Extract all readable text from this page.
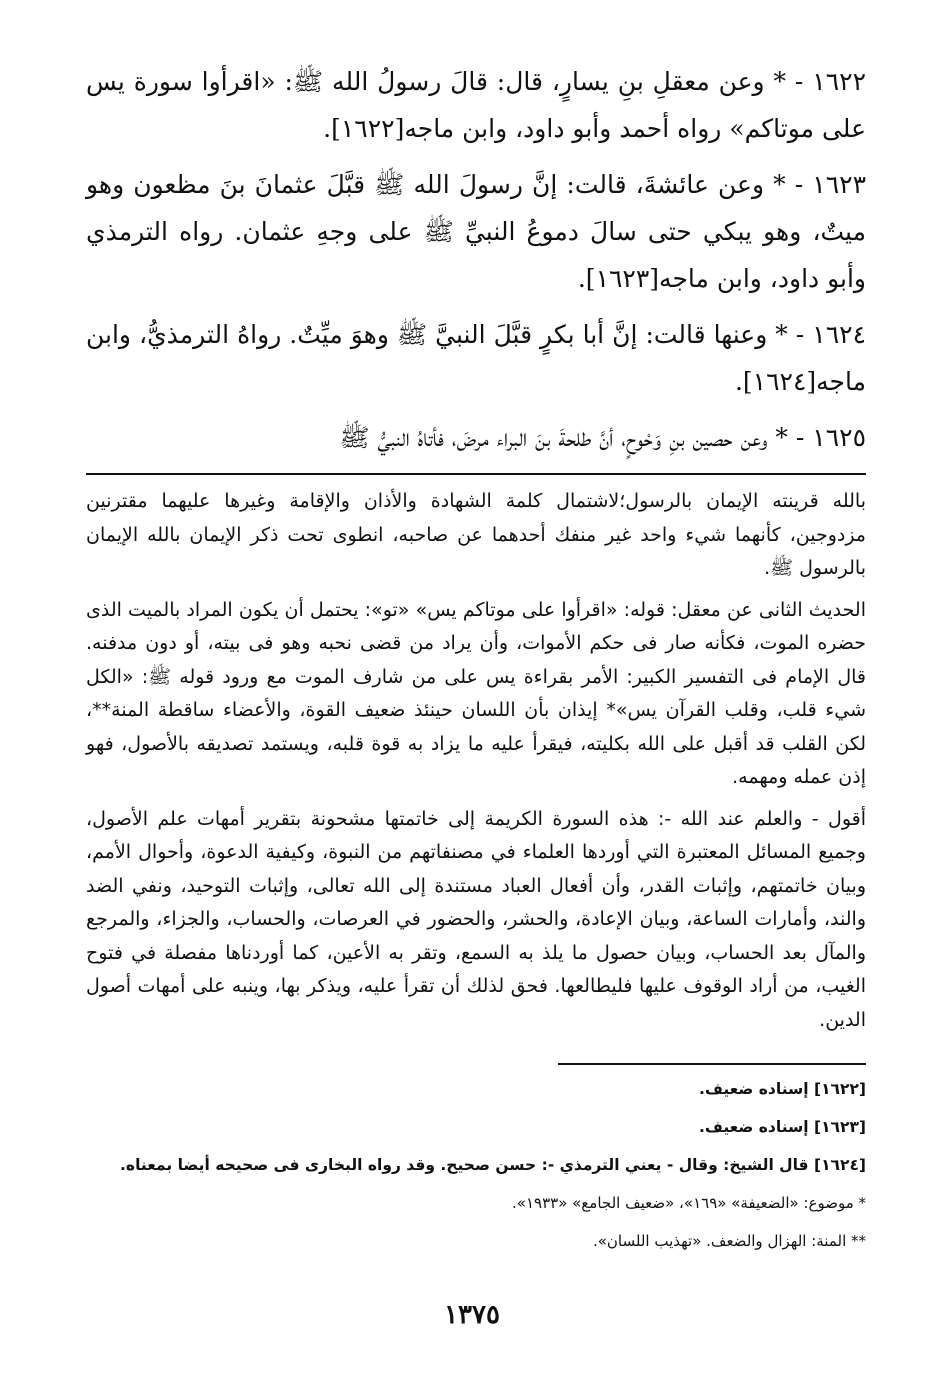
١٦٢٢ - * وعن معقلِ بنِ يسارٍ، قال: قالَ رسولُ الله ﷺ: «اقرأوا سورة يس على موتاكم» رواه أحمد وأبو داود، وابن ماجه[١٦٢٢].

١٦٢٣ - * وعن عائشةَ، قالت: إنَّ رسولَ الله ﷺ قبَّلَ عثمانَ بنَ مظعون وهو ميتٌ، وهو يبكي حتى سالَ دموعُ النبيِّ ﷺ على وجهِ عثمان. رواه الترمذي وأبو داود، وابن ماجه[١٦٢٣].

١٦٢٤ - * وعنها قالت: إنَّ أبا بكرٍ قبَّلَ النبيَّ ﷺ وهوَ ميِّتٌ. رواهُ الترمذيُّ، وابن ماجه[١٦٢٤].

١٦٢٥ - * وعن حصين بنِ وَحْوحٍ، أنَّ طلحةَ بنَ البراء مرضَ، فأتاهُ النبيُّ ﷺ

بالله قرينته الإيمان بالرسول؛لاشتمال كلمة الشهادة والأذان والإقامة وغيرها عليهما مقترنين مزدوجين، كأنهما شيء واحد غير منفك أحدهما عن صاحبه، انطوى تحت ذكر الإيمان بالله الإيمان بالرسول ﷺ.

الحديث الثانى عن معقل: قوله: «اقرأوا على موتاكم يس» «تو»: يحتمل أن يكون المراد بالميت الذى حضره الموت، فكأنه صار فى حكم الأموات، وأن يراد من قضى نحبه وهو فى بيته، أو دون مدفنه. قال الإمام فى التفسير الكبير: الأمر بقراءة يس على من شارف الموت مع ورود قوله ﷺ: «الكل شيء قلب، وقلب القرآن يس»* إيذان بأن اللسان حينئذ ضعيف القوة، والأعضاء ساقطة المنة**، لكن القلب قد أقبل على الله بكليته، فيقرأ عليه ما يزاد به قوة قلبه، ويستمد تصديقه بالأصول، فهو إذن عمله ومهمه.

أقول - والعلم عند الله -: هذه السورة الكريمة إلى خاتمتها مشحونة بتقرير أمهات علم الأصول، وجميع المسائل المعتبرة التي أوردها العلماء في مصنفاتهم من النبوة، وكيفية الدعوة، وأحوال الأمم، وبيان خاتمتهم، وإثبات القدر، وأن أفعال العباد مستندة إلى الله تعالى، وإثبات التوحيد، ونفي الضد والند، وأمارات الساعة، وبيان الإعادة، والحشر، والحضور في العرصات، والحساب، والجزاء، والمرجع والمآل بعد الحساب، وبيان حصول ما يلذ به السمع، وتقر به الأعين، كما أوردناها مفصلة في فتوح الغيب، من أراد الوقوف عليها فليطالعها. فحق لذلك أن تقرأ عليه، ويذكر بها، وينبه على أمهات أصول الدين.

[١٦٢٢] إسناده ضعيف.

[١٦٢٣] إسناده ضعيف.

[١٦٢٤] قال الشيخ: وقال - يعني الترمذي -: حسن صحيح. وقد رواه البخارى فى صحيحه أيضا بمعناه.

* موضوع: «الضعيفة» «١٦٩»، «ضعيف الجامع» «١٩٣٣».

** المنة: الهزال والضعف. «تهذيب اللسان».

١٣٧٥
